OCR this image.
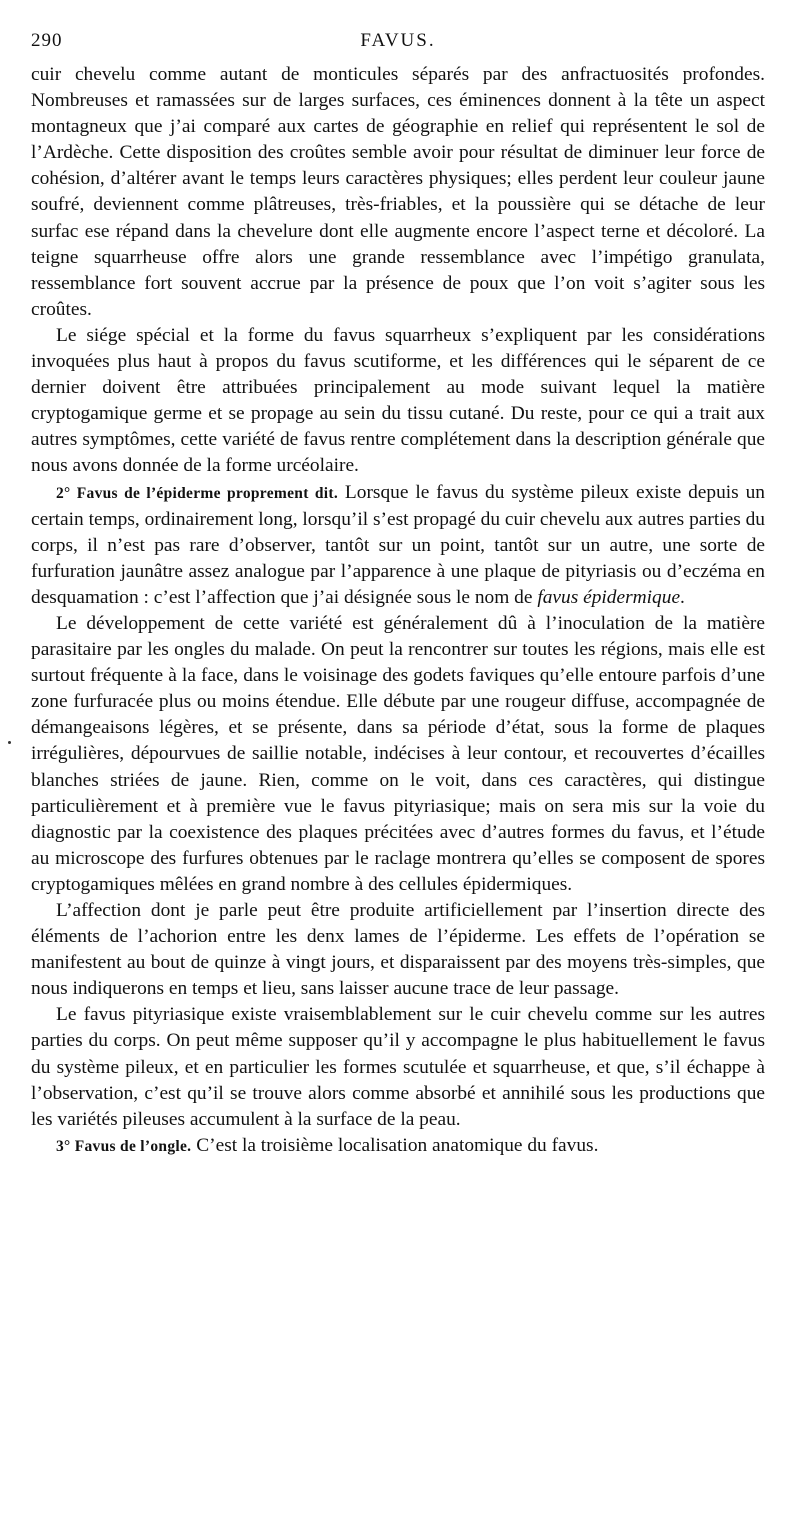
290	FAVUS.

cuir chevelu comme autant de monticules séparés par des anfractuosités profondes. Nombreuses et ramassées sur de larges surfaces, ces éminences donnent à la tête un aspect montagneux que j’ai comparé aux cartes de géographie en relief qui représentent le sol de l’Ardèche. Cette disposition des croûtes semble avoir pour résultat de diminuer leur force de cohésion, d’altérer avant le temps leurs caractères physiques; elles perdent leur couleur jaune soufré, deviennent comme plâtreuses, très-friables, et la poussière qui se détache de leur surfac ese répand dans la chevelure dont elle augmente encore l’aspect terne et décoloré. La teigne squarrheuse offre alors une grande ressemblance avec l’impétigo granulata, ressemblance fort souvent accrue par la présence de poux que l’on voit s’agiter sous les croûtes.

Le siége spécial et la forme du favus squarrheux s’expliquent par les considérations invoquées plus haut à propos du favus scutiforme, et les différences qui le séparent de ce dernier doivent être attribuées principalement au mode suivant lequel la matière cryptogamique germe et se propage au sein du tissu cutané. Du reste, pour ce qui a trait aux autres symptômes, cette variété de favus rentre complétement dans la description générale que nous avons donnée de la forme urcéolaire.

2° Favus de l’épiderme proprement dit. Lorsque le favus du système pileux existe depuis un certain temps, ordinairement long, lorsqu’il s’est propagé du cuir chevelu aux autres parties du corps, il n’est pas rare d’observer, tantôt sur un point, tantôt sur un autre, une sorte de furfuration jaunâtre assez analogue par l’apparence à une plaque de pityriasis ou d’eczéma en desquamation : c’est l’affection que j’ai désignée sous le nom de favus épidermique.

Le développement de cette variété est généralement dû à l’inoculation de la matière parasitaire par les ongles du malade. On peut la rencontrer sur toutes les régions, mais elle est surtout fréquente à la face, dans le voisinage des godets faviques qu’elle entoure parfois d’une zone furfuracée plus ou moins étendue. Elle débute par une rougeur diffuse, accompagnée de démangeaisons légères, et se présente, dans sa période d’état, sous la forme de plaques irrégulières, dépourvues de saillie notable, indécises à leur contour, et recouvertes d’écailles blanches striées de jaune. Rien, comme on le voit, dans ces caractères, qui distingue particulièrement et à première vue le favus pityriasique; mais on sera mis sur la voie du diagnostic par la coexistence des plaques précitées avec d’autres formes du favus, et l’étude au microscope des furfures obtenues par le raclage montrera qu’elles se composent de spores cryptogamiques mêlées en grand nombre à des cellules épidermiques.

L’affection dont je parle peut être produite artificiellement par l’insertion directe des éléments de l’achorion entre les denx lames de l’épiderme. Les effets de l’opération se manifestent au bout de quinze à vingt jours, et disparaissent par des moyens très-simples, que nous indiquerons en temps et lieu, sans laisser aucune trace de leur passage.

Le favus pityriasique existe vraisemblablement sur le cuir chevelu comme sur les autres parties du corps. On peut même supposer qu’il y accompagne le plus habituellement le favus du système pileux, et en particulier les formes scutulée et squarrheuse, et que, s’il échappe à l’observation, c’est qu’il se trouve alors comme absorbé et annihilé sous les productions que les variétés pileuses accumulent à la surface de la peau.

3° Favus de l’ongle. C’est la troisième localisation anatomique du favus.
